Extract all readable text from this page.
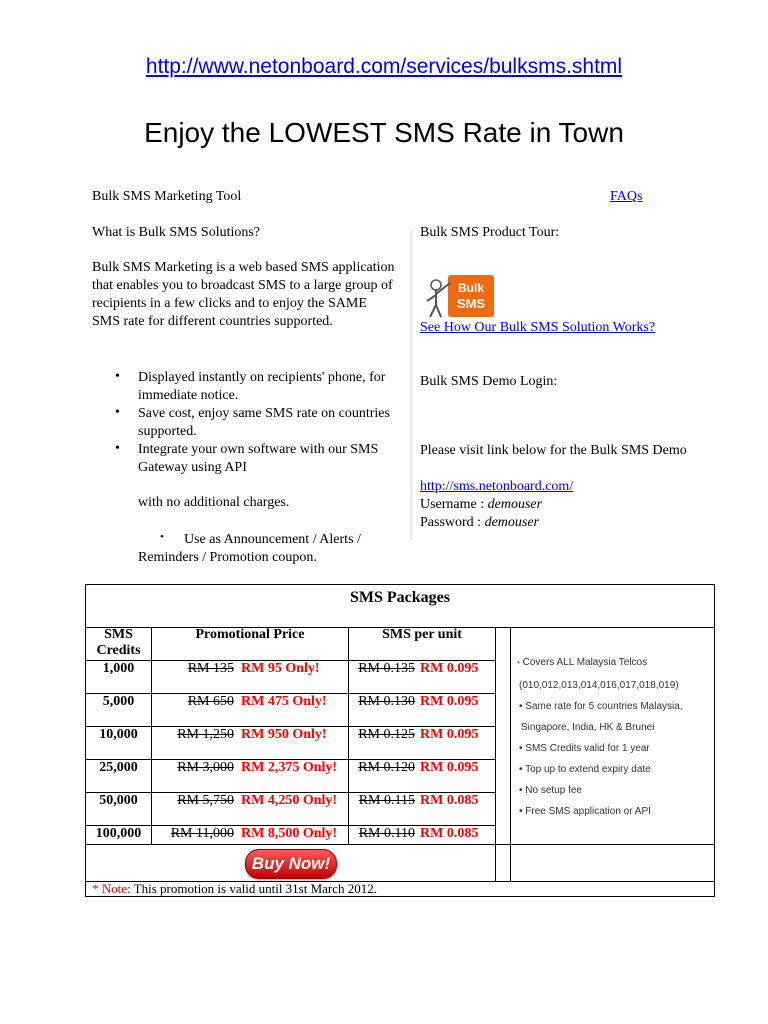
http://www.netonboard.com/services/bulksms.shtml
Enjoy the LOWEST SMS Rate in Town
Bulk SMS Marketing Tool
What is Bulk SMS Solutions?
Bulk SMS Marketing is a web based SMS application that enables you to broadcast SMS to a large group of recipients in a few clicks and to enjoy the SAME SMS rate for different countries supported.
• Displayed instantly on recipients' phone, for immediate notice.
• Save cost, enjoy same SMS rate on countries supported.
• Integrate your own software with our SMS Gateway using API
with no additional charges.
•	Use as Announcement / Alerts / Reminders / Promotion coupon.
FAQs
Bulk SMS Product Tour:
Bulk
SMS
See How Our Bulk SMS Solution Works?
Bulk SMS Demo Login:
Please visit link below for the Bulk SMS Demo
http://sms.netonboard.com/
Username : demouser
Password : demouser
SMS Packages
SMS Credits
Promotional Price	SMS per unit
1,000	RM 135 RM 95 Only!	RM 0.135 RM 0.095
5,000	RM 650 RM 475 Only!	RM 0.130 RM 0.095
10,000	RM 1,250 RM 950 Only!	RM 0.125 RM 0.095
25,000	RM 3,000 RM 2,375 Only!	RM 0.120 RM 0.095
50,000	RM 5,750 RM 4,250 Only!	RM 0.115 RM 0.085
100,000	RM 11,000 RM 8,500 Only!	RM 0.110 RM 0.085
* Note: This promotion is valid until 31st March 2012.
• Covers ALL Malaysia Telcos
(010,012,013,014,016,017,018,019)
• Same rate for 5 countries Malaysia,
Singapore, India, HK & Brunei
• SMS Credits valid for 1 year
• Top up to extend expiry date
• No setup fee
• Free SMS application or API
Buy Now!
